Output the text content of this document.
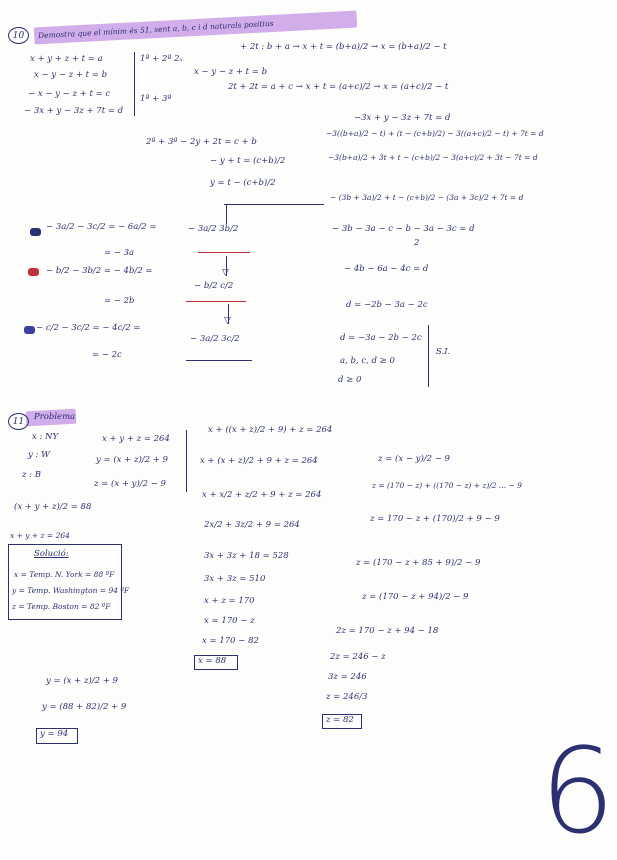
10 Demostra que el mínim és 51, sent a, b, c i d naturals positius
x + y + z + t = a
x − y − z + t = b
− x − y − z + t = c
− 3x + y − 3z + 7t = d
1ª + 2ª 2ₓ
1ª + 3ª
x − y − z + t = b
2t + 2t = a + c → x + t = (a+c)/2 → x = (a+c)/2 − t
+ 2t : b + a → x + t = (b+a)/2 → x = (b+a)/2 − t
2ª + 3ª − 2y + 2t = c + b
− y + t = (c+b)/2
y = t − (c+b)/2
−3x + y − 3z + 7t = d
−3((b+a)/2 − t) + (t − (c+b)/2) − 3((a+c)/2 − t) + 7t = d
−3(b+a)/2 + 3t + t − (c+b)/2 − 3(a+c)/2 + 3t − 7t = d
− (3b + 3a)/2 + t − (c+b)/2 − (3a + 3c)/2 + 7t = d
− 3b − 3a − c − b − 3a − 3c = d
2
− 4b − 6a − 4c = d
d = −2b − 3a − 2c
d = −3a − 2b − 2c
a, b, c, d ≥ 0
d ≥ 0
S.I.
− 3a/2 − 3c/2 = − 6a/2 =
= − 3a
− b/2 − 3b/2 = − 4b/2 =
= − 2b
− c/2 − 3c/2 = − 4c/2 =
= − 2c
− 3a/2 3b/2
▽
− b/2 c/2
▽
− 3a/2 3c/2
11 Problema
x : NY
y : W
z : B
x + y + z = 264
y = (x + z)/2 + 9
z = (x + y)/2 − 9
(x + y + z)/2 = 88
x + y + z = 264
Solució:
x = Temp. N. York = 88 ºF
y = Temp. Washington = 94 ºF
z = Temp. Boston = 82 ºF
x + ((x + z)/2 + 9) + z = 264
x + (x + z)/2 + 9 + z = 264
x + x/2 + z/2 + 9 + z = 264
2x/2 + 3z/2 + 9 = 264
3x + 3z + 18 = 528
3x + 3z = 510
x + z = 170
x = 170 − z
x = 170 − 82
x = 88
z = (x − y)/2 − 9
z = (170 − z) + ((170 − z) + z)/2 ... − 9
z = 170 − z + (170)/2 + 9 − 9
z = (170 − z + 85 + 9)/2 − 9
z = (170 − z + 94)/2 − 9
2z = 170 − z + 94 − 18
2z = 246 − z
3z = 246
z = 246/3
z = 82
y = (x + z)/2 + 9
y = (88 + 82)/2 + 9
y = 94	6
